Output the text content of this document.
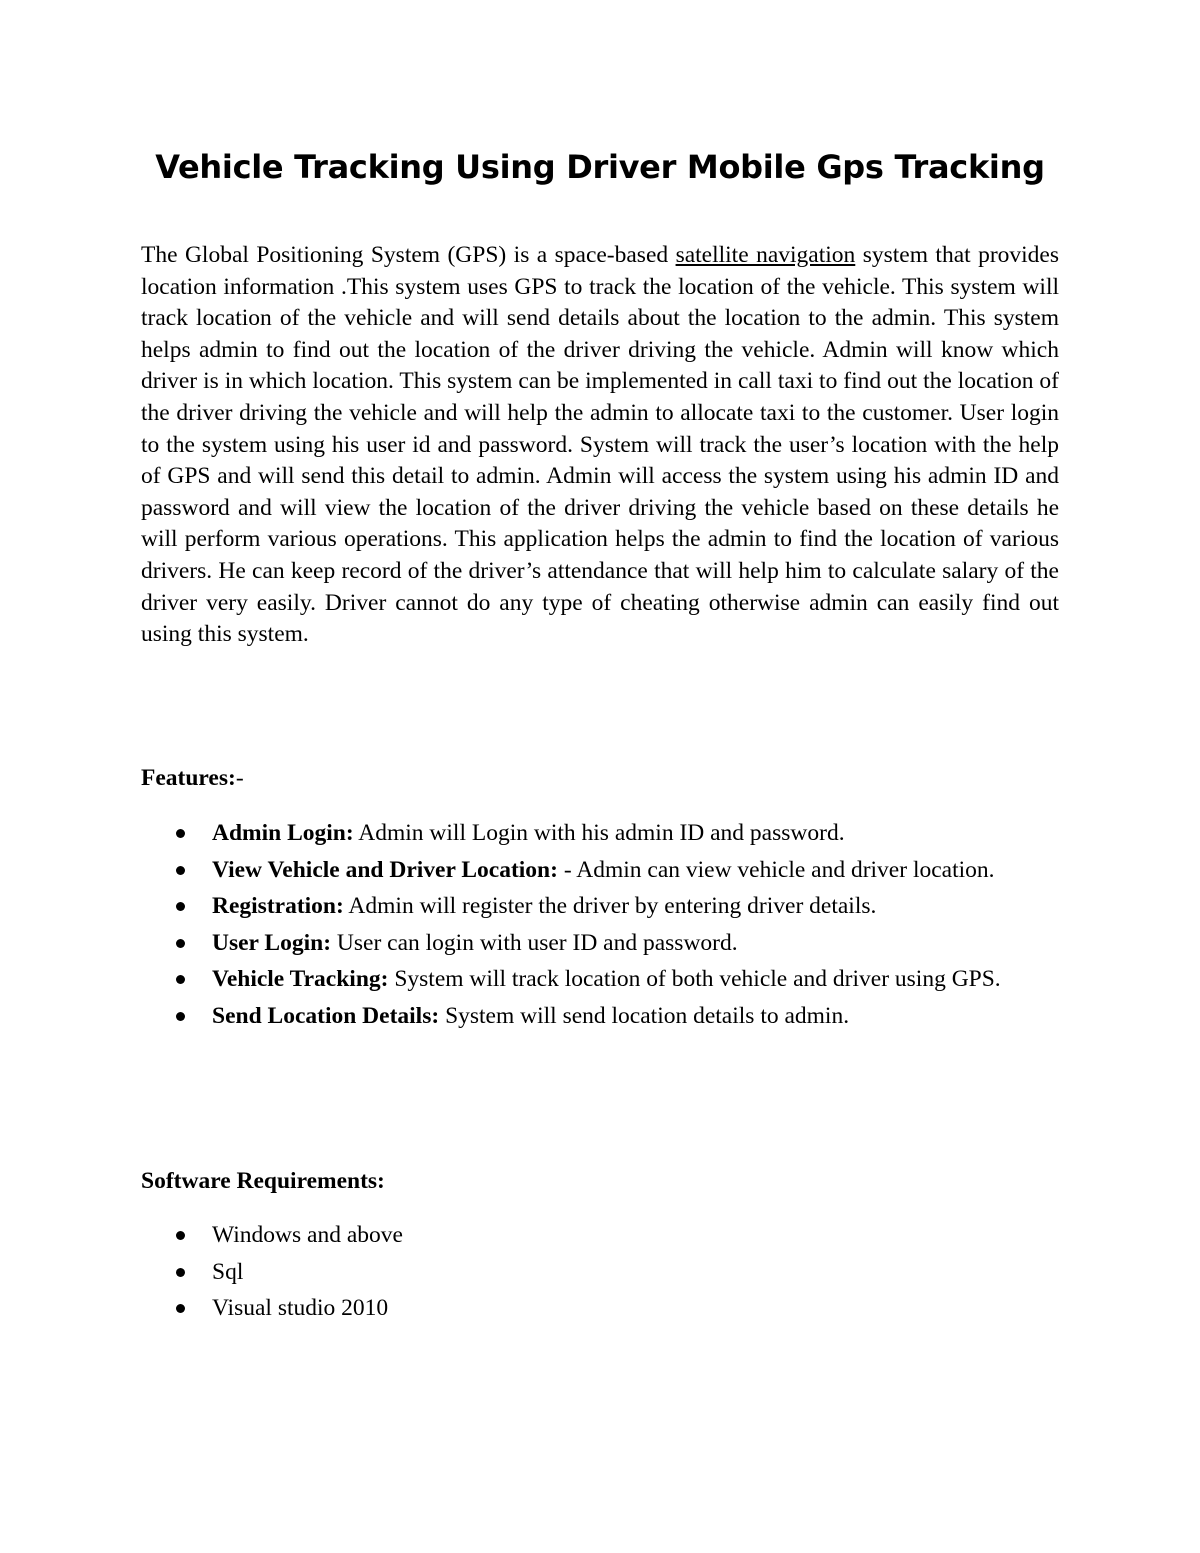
Vehicle Tracking Using Driver Mobile Gps Tracking

The Global Positioning System (GPS) is a space-based satellite navigation system that provides location information .This system uses GPS to track the location of the vehicle. This system will track location of the vehicle and will send details about the location to the admin. This system helps admin to find out the location of the driver driving the vehicle. Admin will know which driver is in which location. This system can be implemented in call taxi to find out the location of the driver driving the vehicle and will help the admin to allocate taxi to the customer. User login to the system using his user id and password. System will track the user’s location with the help of GPS and will send this detail to admin. Admin will access the system using his admin ID and password and will view the location of the driver driving the vehicle based on these details he will perform various operations. This application helps the admin to find the location of various drivers. He can keep record of the driver’s attendance that will help him to calculate salary of the driver very easily. Driver cannot do any type of cheating otherwise admin can easily find out using this system.

Features:-

Admin Login: Admin will Login with his admin ID and password.
View Vehicle and Driver Location: - Admin can view vehicle and driver location.
Registration: Admin will register the driver by entering driver details.
User Login: User can login with user ID and password.
Vehicle Tracking: System will track location of both vehicle and driver using GPS.
Send Location Details: System will send location details to admin.

Software Requirements:

Windows and above
Sql
Visual studio 2010
